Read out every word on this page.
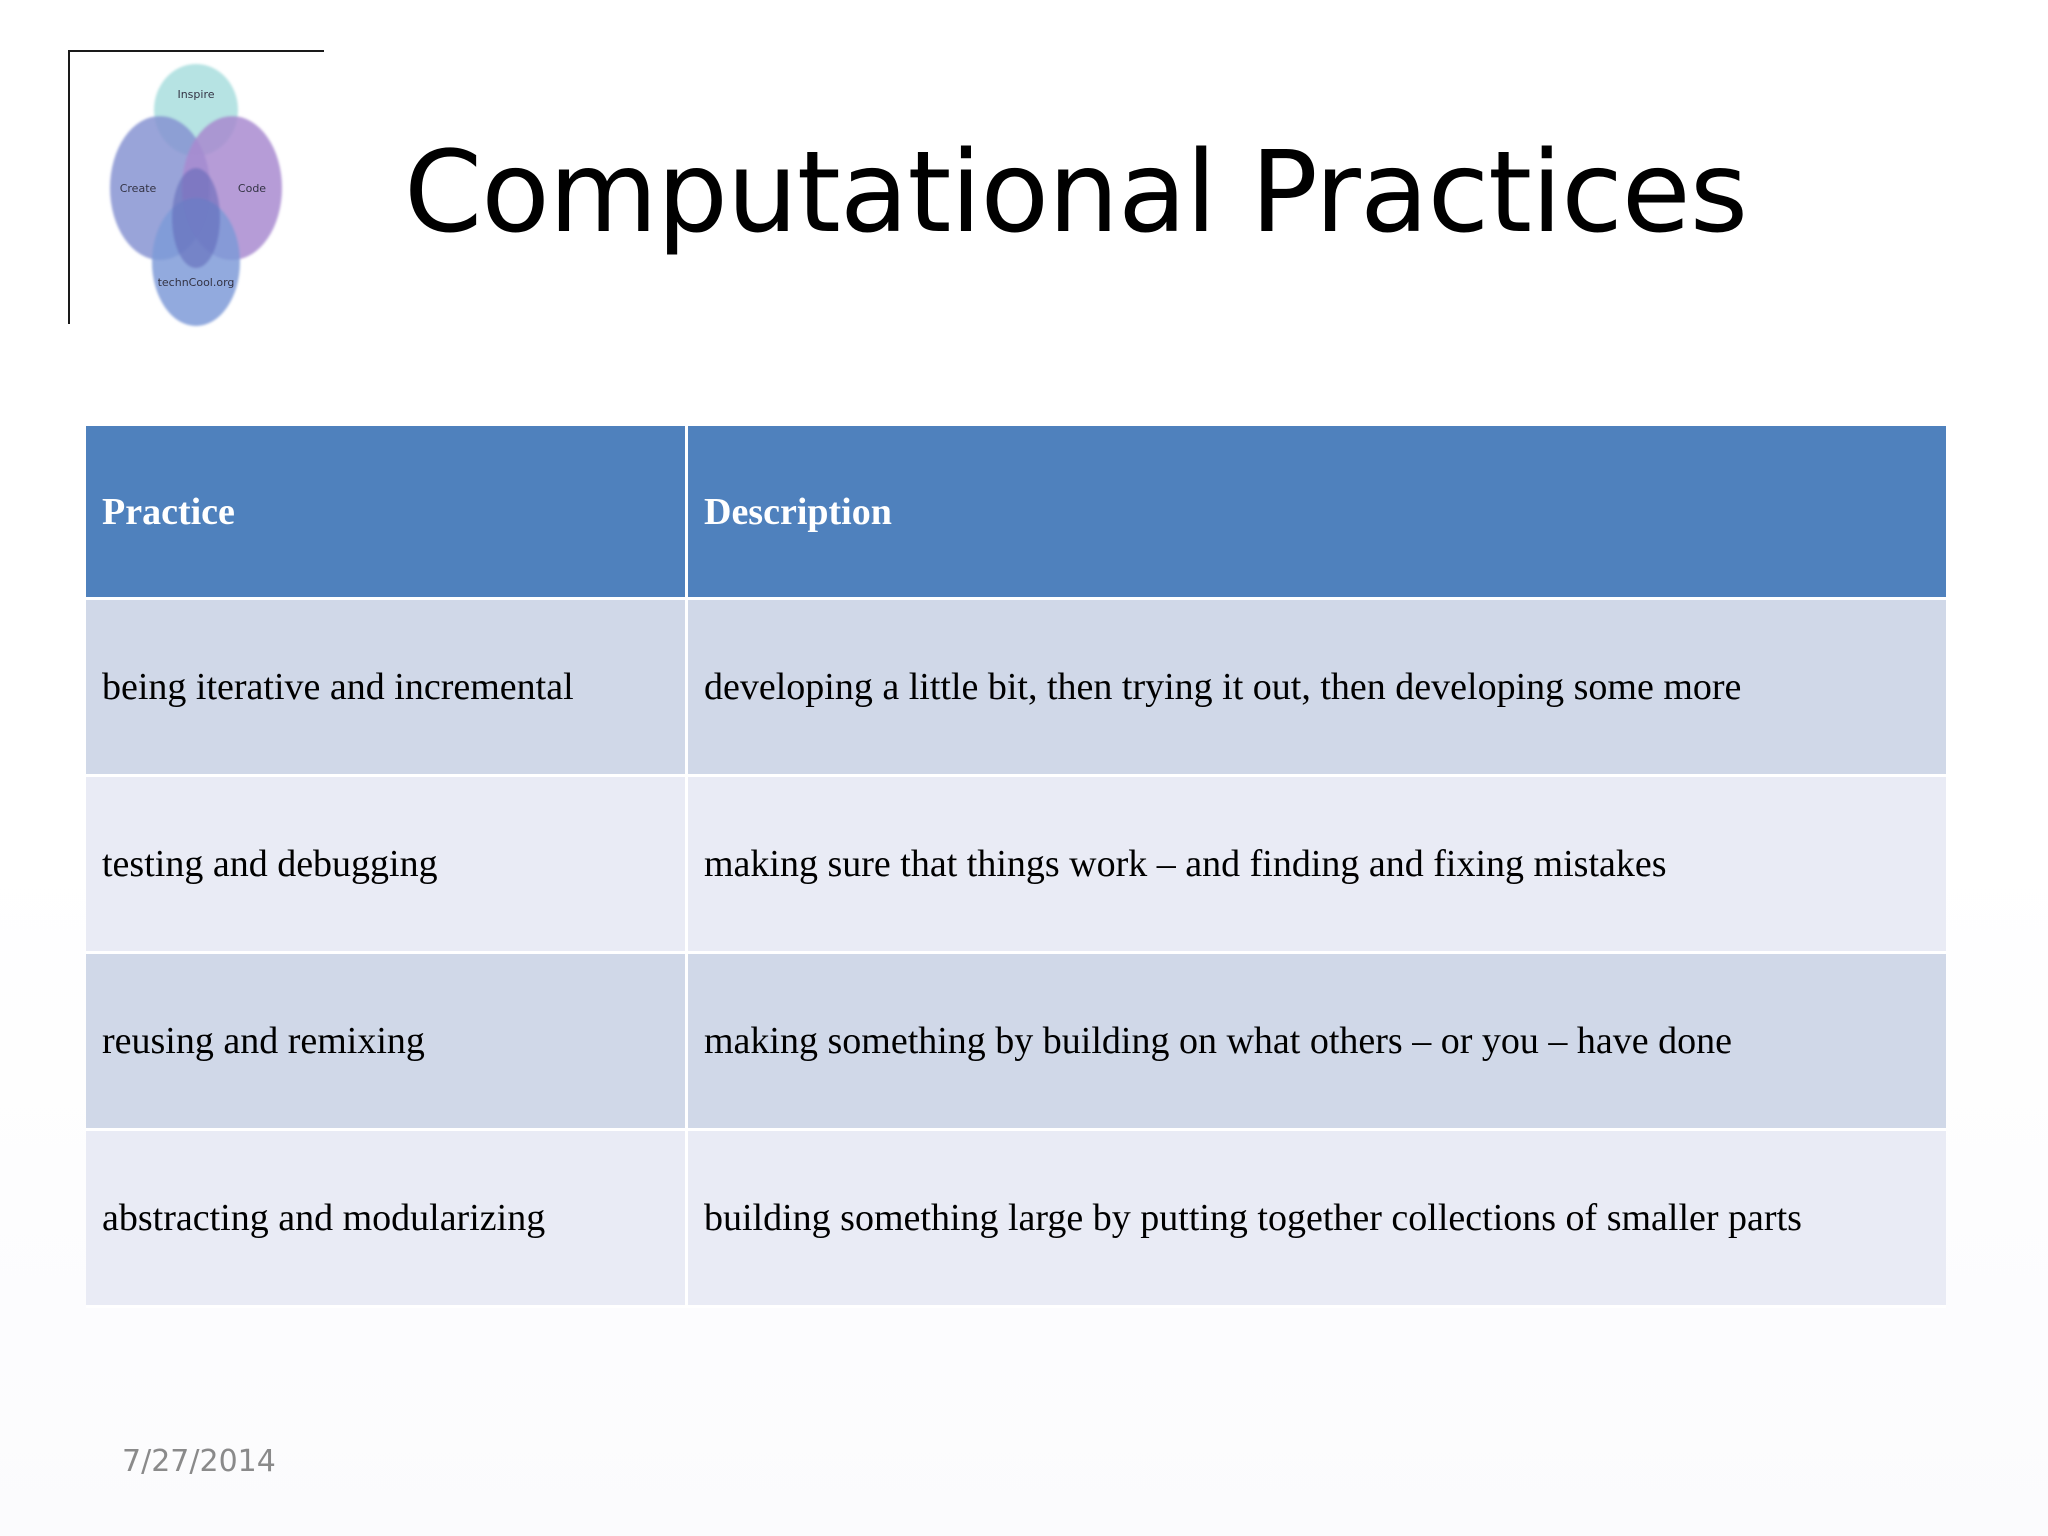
Inspire
Create	Code
technCool.org
Computational Practices
Practice	Description
being iterative and incremental	developing a little bit, then trying it out, then developing some more
testing and debugging	making sure that things work – and finding and fixing mistakes
reusing and remixing	making something by building on what others – or you – have done
abstracting and modularizing	building something large by putting together collections of smaller parts
7/27/2014
